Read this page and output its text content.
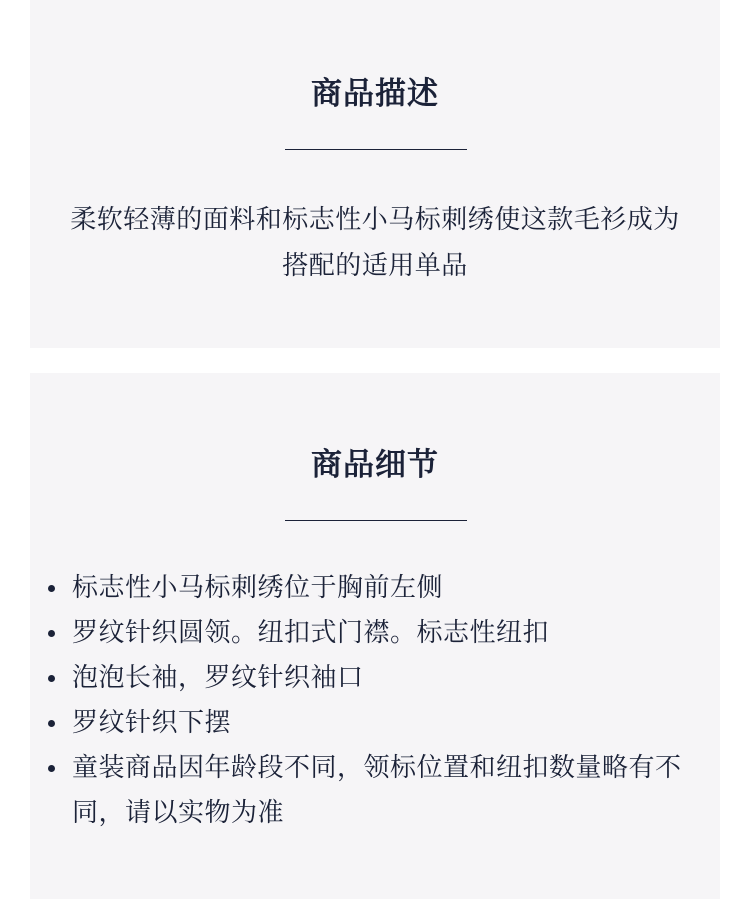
商品描述
柔软轻薄的面料和标志性小马标刺绣使这款毛衫成为搭配的适用单品
商品细节
标志性小马标刺绣位于胸前左侧
罗纹针织圆领。纽扣式门襟。标志性纽扣
泡泡长袖，罗纹针织袖口
罗纹针织下摆
童装商品因年龄段不同，领标位置和纽扣数量略有不同，请以实物为准
